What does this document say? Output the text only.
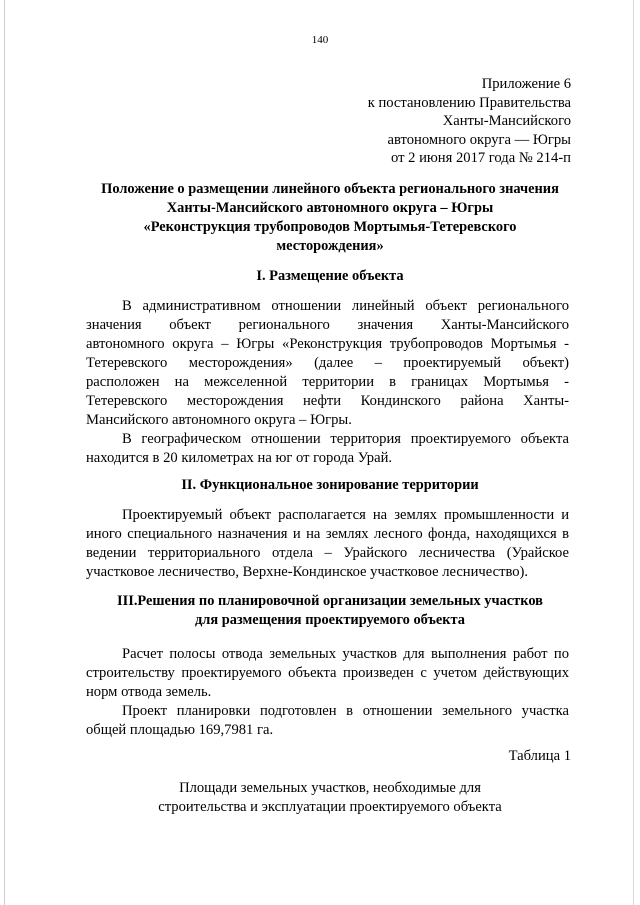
140
Приложение 6
к постановлению Правительства
Ханты-Мансийского
автономного округа — Югры
от 2 июня 2017 года № 214-п
Положение о размещении линейного объекта регионального значения
Ханты-Мансийского автономного округа – Югры
«Реконструкция трубопроводов Мортымья-Тетеревского
месторождения»
I. Размещение объекта
В административном отношении линейный объект регионального
значения объект регионального значения Ханты-Мансийского
автономного округа – Югры «Реконструкция трубопроводов Мортымья -
Тетеревского месторождения» (далее – проектируемый объект)
расположен на межселенной территории в границах Мортымья -
Тетеревского месторождения нефти Кондинского района Ханты-
Мансийского автономного округа – Югры.
В географическом отношении территория проектируемого объекта
находится в 20 километрах на юг от города Урай.
II. Функциональное зонирование территории
Проектируемый объект располагается на землях промышленности и
иного специального назначения и на землях лесного фонда, находящихся в
ведении территориального отдела – Урайского лесничества (Урайское
участковое лесничество, Верхне-Кондинское участковое лесничество).
III.Решения по планировочной организации земельных участков
для размещения проектируемого объекта
Расчет полосы отвода земельных участков для выполнения работ по
строительству проектируемого объекта произведен с учетом действующих
норм отвода земель.
Проект планировки подготовлен в отношении земельного участка
общей площадью 169,7981 га.
Таблица 1
Площади земельных участков, необходимые для
строительства и эксплуатации проектируемого объекта
